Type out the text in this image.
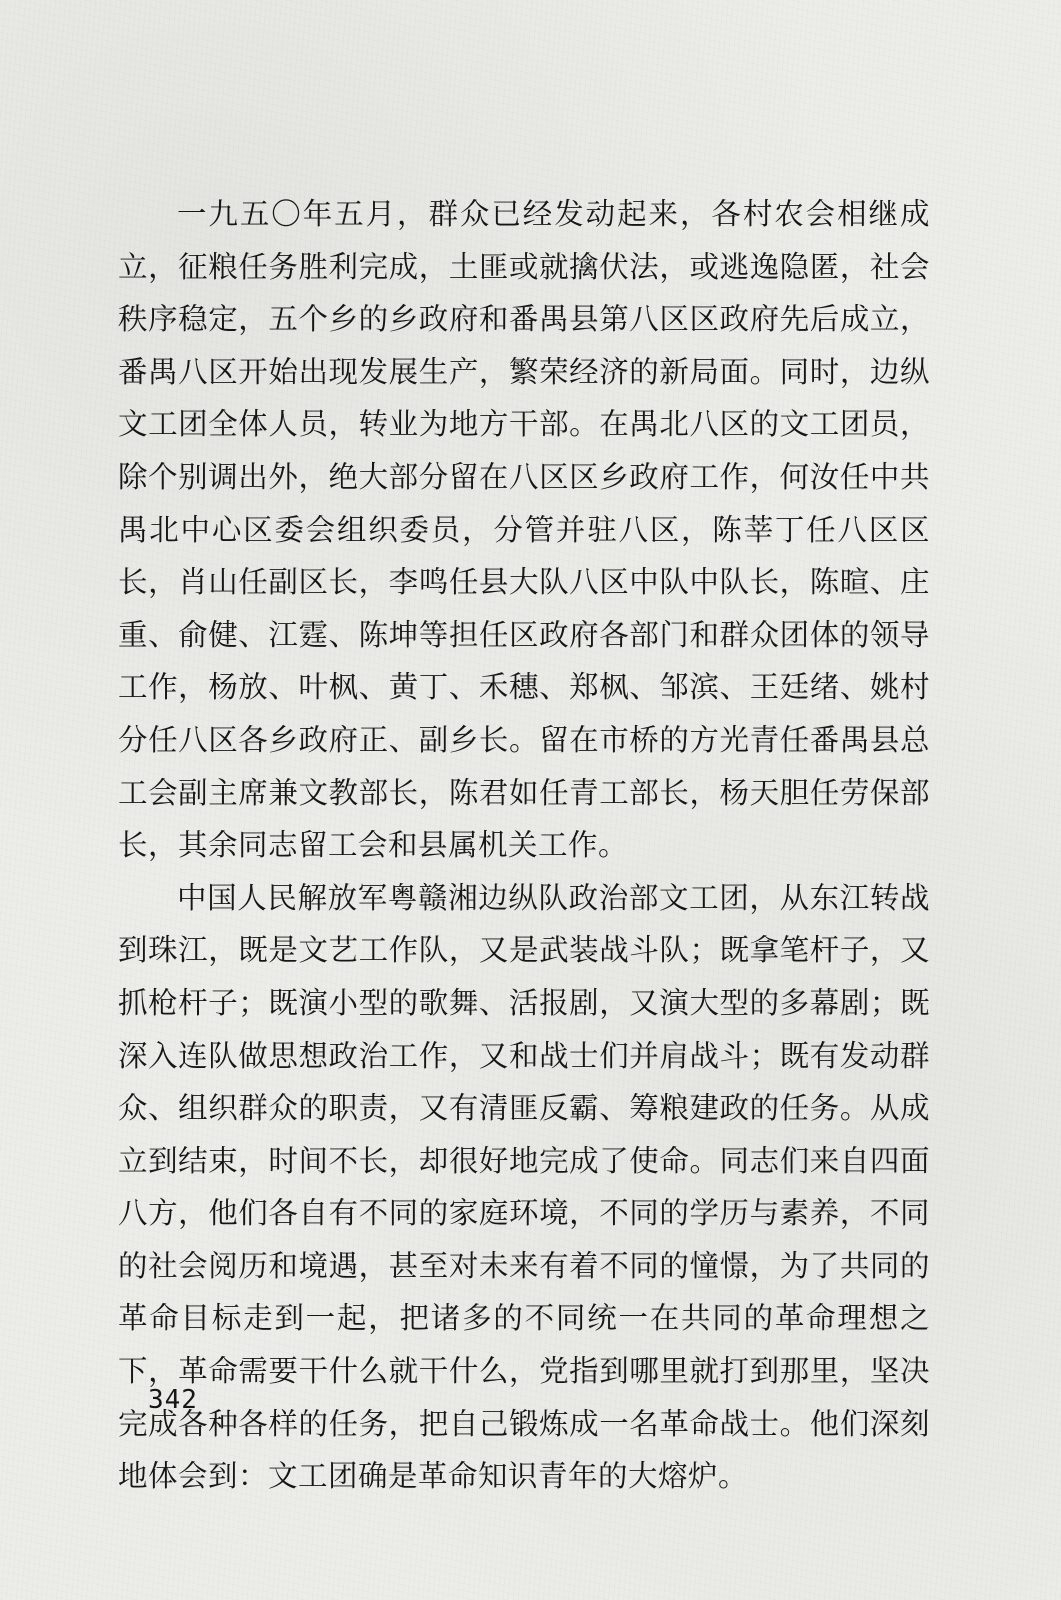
一九五〇年五月，群众已经发动起来，各村农会相继成立，征粮任务胜利完成，土匪或就擒伏法，或逃逸隐匿，社会秩序稳定，五个乡的乡政府和番禺县第八区区政府先后成立，番禺八区开始出现发展生产，繁荣经济的新局面。同时，边纵文工团全体人员，转业为地方干部。在禺北八区的文工团员，除个别调出外，绝大部分留在八区区乡政府工作，何汝任中共禺北中心区委会组织委员，分管并驻八区，陈莘丁任八区区长，肖山任副区长，李鸣任县大队八区中队中队长，陈暄、庄重、俞健、江霆、陈坤等担任区政府各部门和群众团体的领导工作，杨放、叶枫、黄丁、禾穗、郑枫、邹滨、王廷绪、姚村分任八区各乡政府正、副乡长。留在市桥的方光青任番禺县总工会副主席兼文教部长，陈君如任青工部长，杨天胆任劳保部长，其余同志留工会和县属机关工作。

中国人民解放军粤赣湘边纵队政治部文工团，从东江转战到珠江，既是文艺工作队，又是武装战斗队；既拿笔杆子，又抓枪杆子；既演小型的歌舞、活报剧，又演大型的多幕剧；既深入连队做思想政治工作，又和战士们并肩战斗；既有发动群众、组织群众的职责，又有清匪反霸、筹粮建政的任务。从成立到结束，时间不长，却很好地完成了使命。同志们来自四面八方，他们各自有不同的家庭环境，不同的学历与素养，不同的社会阅历和境遇，甚至对未来有着不同的憧憬，为了共同的革命目标走到一起，把诸多的不同统一在共同的革命理想之下，革命需要干什么就干什么，党指到哪里就打到那里，坚决完成各种各样的任务，把自己锻炼成一名革命战士。他们深刻地体会到：文工团确是革命知识青年的大熔炉。

342
